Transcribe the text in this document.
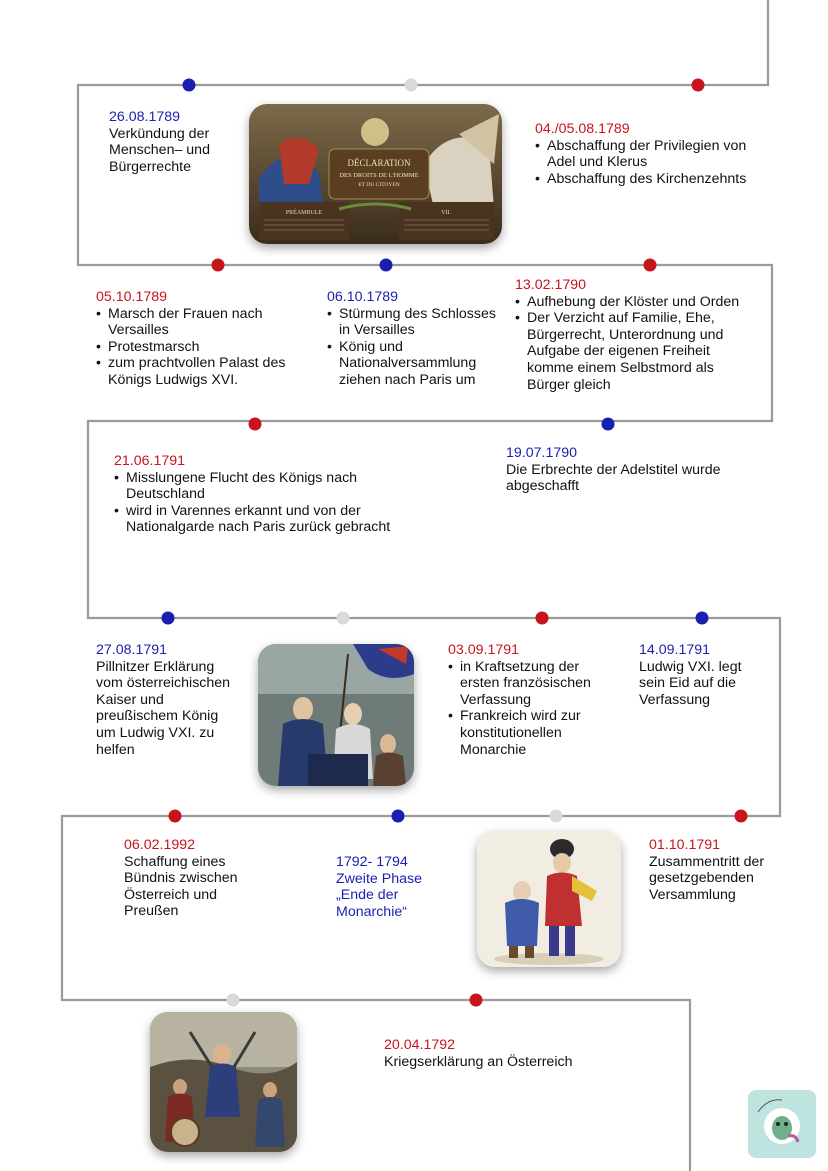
26.08.1789
Verkündung der Menschen– und Bürgerrechte	DÉCLARATION
DES DROITS DE L'HOMME
ET DU CITOYEN
PRÉAMBULE	VII.
04./05.08.1789
• Abschaffung der Privilegien von Adel und Klerus
• Abschaffung des Kirchenzehnts
05.10.1789
• Marsch der Frauen nach Versailles
• Protestmarsch
• zum prachtvollen Palast des Königs Ludwigs XVI.
06.10.1789
• Stürmung des Schlosses in Versailles
• König und Nationalversammlung ziehen nach Paris um
13.02.1790
• Aufhebung der Klöster und Orden
• Der Verzicht auf Familie, Ehe, Bürgerrecht, Unterordnung und Aufgabe der eigenen Freiheit komme einem Selbstmord als Bürger gleich
21.06.1791
• Misslungene Flucht des Königs nach Deutschland
• wird in Varennes erkannt und von der Nationalgarde nach Paris zurück gebracht
19.07.1790
Die Erbrechte der Adelstitel wurde abgeschafft
27.08.1791
Pillnitzer Erklärung vom österreichischen Kaiser und preußischem König um Ludwig VXI. zu helfen
03.09.1791
• in Kraftsetzung der ersten französischen Verfassung
• Frankreich wird zur konstitutionellen Monarchie
14.09.1791
Ludwig VXI. legt sein Eid auf die Verfassung
06.02.1992
Schaffung eines Bündnis zwischen Österreich und Preußen
1792- 1794
Zweite Phase „Ende der Monarchie“
01.10.1791
Zusammentritt der gesetzgebenden Versammlung
20.04.1792
Kriegserklärung an Österreich
